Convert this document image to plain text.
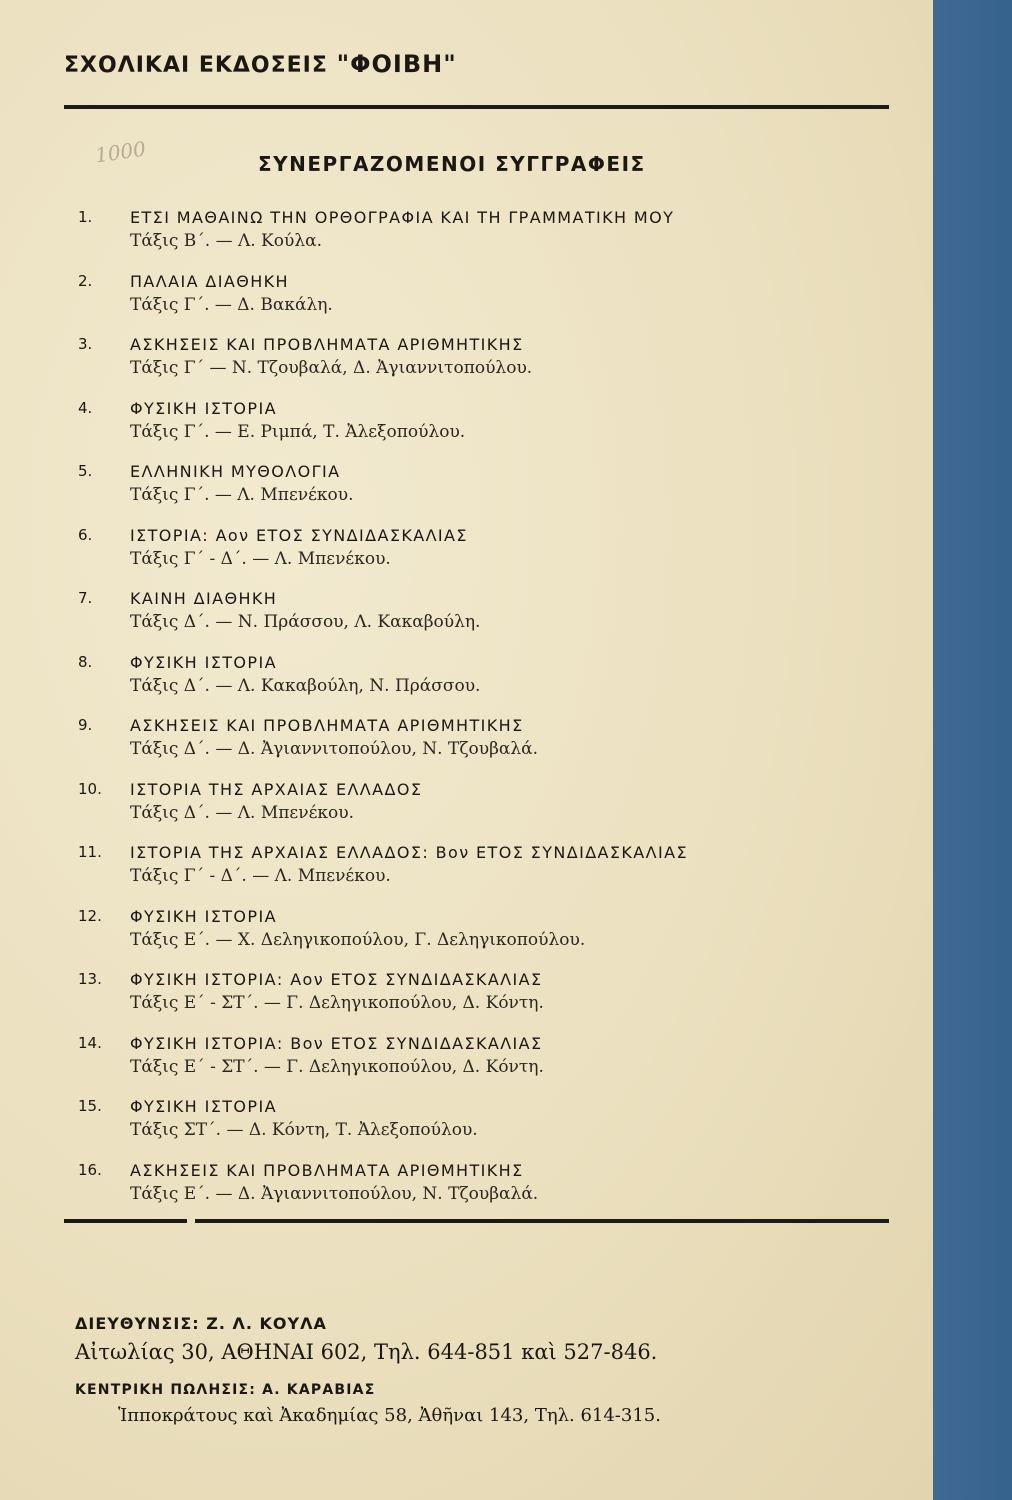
ΣΧΟΛΙΚΑΙ ΕΚΔΟΣΕΙΣ "ΦΟΙΒΗ"
1000	ΣΥΝΕΡΓΑΖΟΜΕΝΟΙ ΣΥΓΓΡΑΦΕΙΣ
1.	ΕΤΣΙ ΜΑΘΑΙΝΩ ΤΗΝ ΟΡΘΟΓΡΑΦΙΑ ΚΑΙ ΤΗ ΓΡΑΜΜΑΤΙΚΗ ΜΟΥ
Τάξις Β΄. — Λ. Κούλα.
2.	ΠΑΛΑΙΑ ΔΙΑΘΗΚΗ
Τάξις Γ΄. — Δ. Βακάλη.
3.	ΑΣΚΗΣΕΙΣ ΚΑΙ ΠΡΟΒΛΗΜΑΤΑ ΑΡΙΘΜΗΤΙΚΗΣ
Τάξις Γ΄ — Ν. Τζουβαλά, Δ. Ἀγιαννιτοπούλου.
4.	ΦΥΣΙΚΗ ΙΣΤΟΡΙΑ
Τάξις Γ΄. — Ε. Ριμπά, Τ. Ἀλεξοπούλου.
5.	ΕΛΛΗΝΙΚΗ ΜΥΘΟΛΟΓΙΑ
Τάξις Γ΄. — Λ. Μπενέκου.
6.	ΙΣΤΟΡΙΑ: Αον ΕΤΟΣ ΣΥΝΔΙΔΑΣΚΑΛΙΑΣ
Τάξις Γ΄ - Δ΄. — Λ. Μπενέκου.
7.	ΚΑΙΝΗ ΔΙΑΘΗΚΗ
Τάξις Δ΄. — Ν. Πράσσου, Λ. Κακαβούλη.
8.	ΦΥΣΙΚΗ ΙΣΤΟΡΙΑ
Τάξις Δ΄. — Λ. Κακαβούλη, Ν. Πράσσου.
9.	ΑΣΚΗΣΕΙΣ ΚΑΙ ΠΡΟΒΛΗΜΑΤΑ ΑΡΙΘΜΗΤΙΚΗΣ
Τάξις Δ΄. — Δ. Ἀγιαννιτοπούλου, Ν. Τζουβαλά.
10.	ΙΣΤΟΡΙΑ ΤΗΣ ΑΡΧΑΙΑΣ ΕΛΛΑΔΟΣ
Τάξις Δ΄. — Λ. Μπενέκου.
11.	ΙΣΤΟΡΙΑ ΤΗΣ ΑΡΧΑΙΑΣ ΕΛΛΑΔΟΣ: Βον ΕΤΟΣ ΣΥΝΔΙΔΑΣΚΑΛΙΑΣ
Τάξις Γ΄ - Δ΄. — Λ. Μπενέκου.
12.	ΦΥΣΙΚΗ ΙΣΤΟΡΙΑ
Τάξις Ε΄. — Χ. Δεληγικοπούλου, Γ. Δεληγικοπούλου.
13.	ΦΥΣΙΚΗ ΙΣΤΟΡΙΑ: Αον ΕΤΟΣ ΣΥΝΔΙΔΑΣΚΑΛΙΑΣ
Τάξις Ε΄ - ΣΤ΄. — Γ. Δεληγικοπούλου, Δ. Κόντη.
14.	ΦΥΣΙΚΗ ΙΣΤΟΡΙΑ: Βον ΕΤΟΣ ΣΥΝΔΙΔΑΣΚΑΛΙΑΣ
Τάξις Ε΄ - ΣΤ΄. — Γ. Δεληγικοπούλου, Δ. Κόντη.
15.	ΦΥΣΙΚΗ ΙΣΤΟΡΙΑ
Τάξις ΣΤ΄. — Δ. Κόντη, Τ. Ἀλεξοπούλου.
16.	ΑΣΚΗΣΕΙΣ ΚΑΙ ΠΡΟΒΛΗΜΑΤΑ ΑΡΙΘΜΗΤΙΚΗΣ
Τάξις Ε΄. — Δ. Ἀγιαννιτοπούλου, Ν. Τζουβαλά.
ΔΙΕΥΘΥΝΣΙΣ: Ζ. Λ. ΚΟΥΛΑ
Αἰτωλίας 30, ΑΘΗΝΑΙ 602, Τηλ. 644-851 καὶ 527-846.
ΚΕΝΤΡΙΚΗ ΠΩΛΗΣΙΣ: Α. ΚΑΡΑΒΙΑΣ
Ἱπποκράτους καὶ Ἀκαδημίας 58, Ἀθῆναι 143, Τηλ. 614-315.
